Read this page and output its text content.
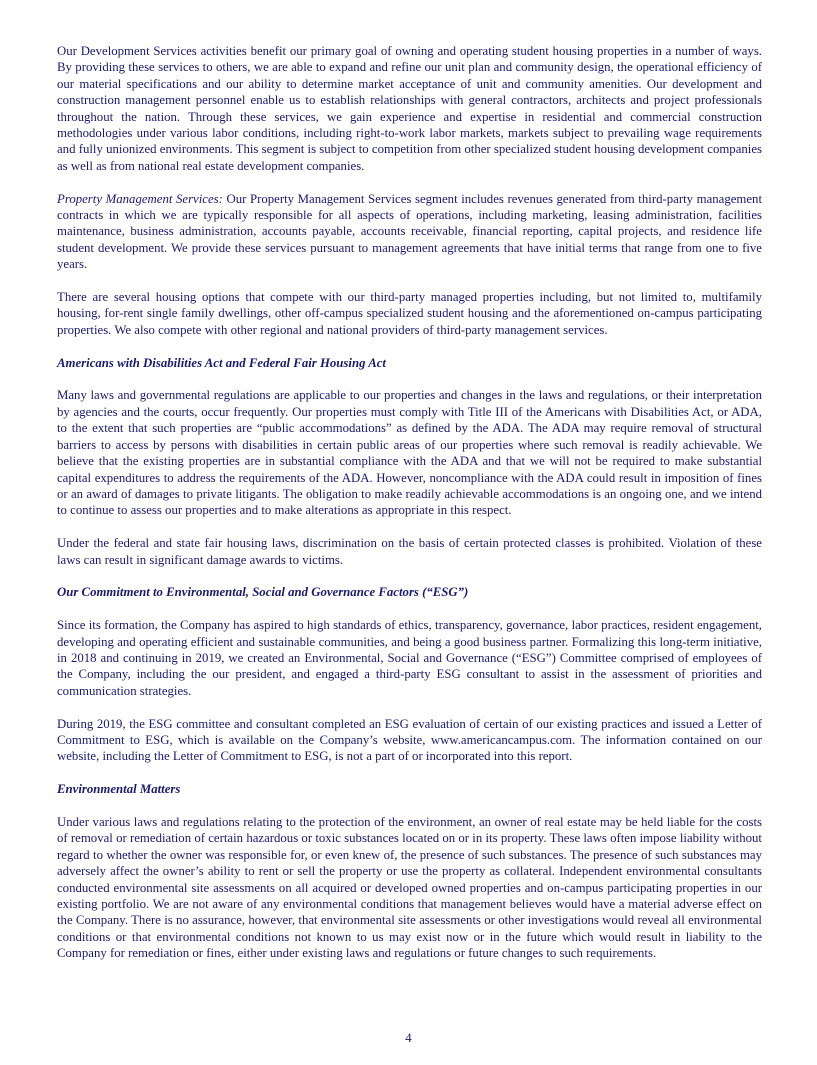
Our Development Services activities benefit our primary goal of owning and operating student housing properties in a number of ways. By providing these services to others, we are able to expand and refine our unit plan and community design, the operational efficiency of our material specifications and our ability to determine market acceptance of unit and community amenities. Our development and construction management personnel enable us to establish relationships with general contractors, architects and project professionals throughout the nation. Through these services, we gain experience and expertise in residential and commercial construction methodologies under various labor conditions, including right-to-work labor markets, markets subject to prevailing wage requirements and fully unionized environments. This segment is subject to competition from other specialized student housing development companies as well as from national real estate development companies.

Property Management Services: Our Property Management Services segment includes revenues generated from third-party management contracts in which we are typically responsible for all aspects of operations, including marketing, leasing administration, facilities maintenance, business administration, accounts payable, accounts receivable, financial reporting, capital projects, and residence life student development. We provide these services pursuant to management agreements that have initial terms that range from one to five years.

There are several housing options that compete with our third-party managed properties including, but not limited to, multifamily housing, for-rent single family dwellings, other off-campus specialized student housing and the aforementioned on-campus participating properties. We also compete with other regional and national providers of third-party management services.

Americans with Disabilities Act and Federal Fair Housing Act

Many laws and governmental regulations are applicable to our properties and changes in the laws and regulations, or their interpretation by agencies and the courts, occur frequently. Our properties must comply with Title III of the Americans with Disabilities Act, or ADA, to the extent that such properties are “public accommodations” as defined by the ADA. The ADA may require removal of structural barriers to access by persons with disabilities in certain public areas of our properties where such removal is readily achievable. We believe that the existing properties are in substantial compliance with the ADA and that we will not be required to make substantial capital expenditures to address the requirements of the ADA. However, noncompliance with the ADA could result in imposition of fines or an award of damages to private litigants. The obligation to make readily achievable accommodations is an ongoing one, and we intend to continue to assess our properties and to make alterations as appropriate in this respect.

Under the federal and state fair housing laws, discrimination on the basis of certain protected classes is prohibited. Violation of these laws can result in significant damage awards to victims.

Our Commitment to Environmental, Social and Governance Factors (“ESG”)

Since its formation, the Company has aspired to high standards of ethics, transparency, governance, labor practices, resident engagement, developing and operating efficient and sustainable communities, and being a good business partner. Formalizing this long-term initiative, in 2018 and continuing in 2019, we created an Environmental, Social and Governance (“ESG”) Committee comprised of employees of the Company, including the our president, and engaged a third-party ESG consultant to assist in the assessment of priorities and communication strategies.

During 2019, the ESG committee and consultant completed an ESG evaluation of certain of our existing practices and issued a Letter of Commitment to ESG, which is available on the Company’s website, www.americancampus.com. The information contained on our website, including the Letter of Commitment to ESG, is not a part of or incorporated into this report.

Environmental Matters

Under various laws and regulations relating to the protection of the environment, an owner of real estate may be held liable for the costs of removal or remediation of certain hazardous or toxic substances located on or in its property. These laws often impose liability without regard to whether the owner was responsible for, or even knew of, the presence of such substances. The presence of such substances may adversely affect the owner’s ability to rent or sell the property or use the property as collateral. Independent environmental consultants conducted environmental site assessments on all acquired or developed owned properties and on-campus participating properties in our existing portfolio. We are not aware of any environmental conditions that management believes would have a material adverse effect on the Company. There is no assurance, however, that environmental site assessments or other investigations would reveal all environmental conditions or that environmental conditions not known to us may exist now or in the future which would result in liability to the Company for remediation or fines, either under existing laws and regulations or future changes to such requirements.

4
